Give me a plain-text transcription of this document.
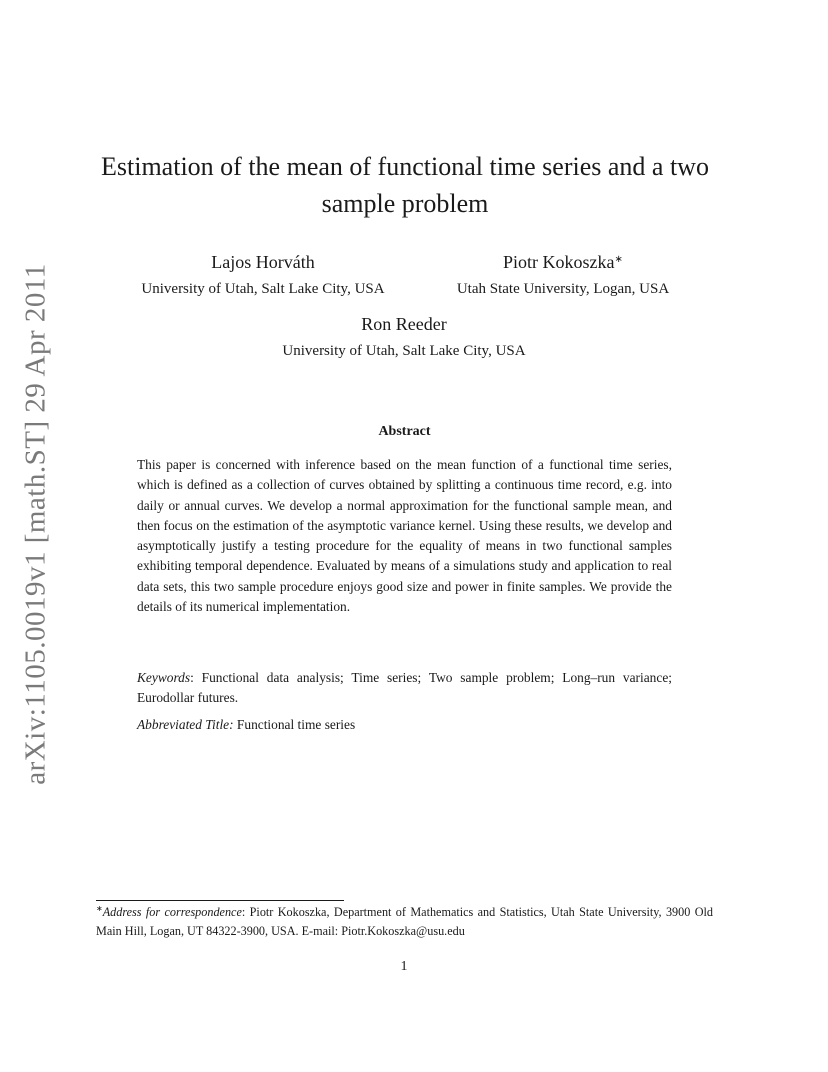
arXiv:1105.0019v1 [math.ST] 29 Apr 2011
Estimation of the mean of functional time series and a two sample problem
Lajos Horváth
University of Utah, Salt Lake City, USA
Piotr Kokoszka∗
Utah State University, Logan, USA
Ron Reeder
University of Utah, Salt Lake City, USA
Abstract
This paper is concerned with inference based on the mean function of a functional time series, which is defined as a collection of curves obtained by splitting a continuous time record, e.g. into daily or annual curves. We develop a normal approximation for the functional sample mean, and then focus on the estimation of the asymptotic variance kernel. Using these results, we develop and asymptotically justify a testing procedure for the equality of means in two functional samples exhibiting temporal dependence. Evaluated by means of a simulations study and application to real data sets, this two sample procedure enjoys good size and power in finite samples. We provide the details of its numerical implementation.
Keywords: Functional data analysis; Time series; Two sample problem; Long–run variance; Eurodollar futures.
Abbreviated Title: Functional time series
∗Address for correspondence: Piotr Kokoszka, Department of Mathematics and Statistics, Utah State University, 3900 Old Main Hill, Logan, UT 84322-3900, USA. E-mail: Piotr.Kokoszka@usu.edu
1
